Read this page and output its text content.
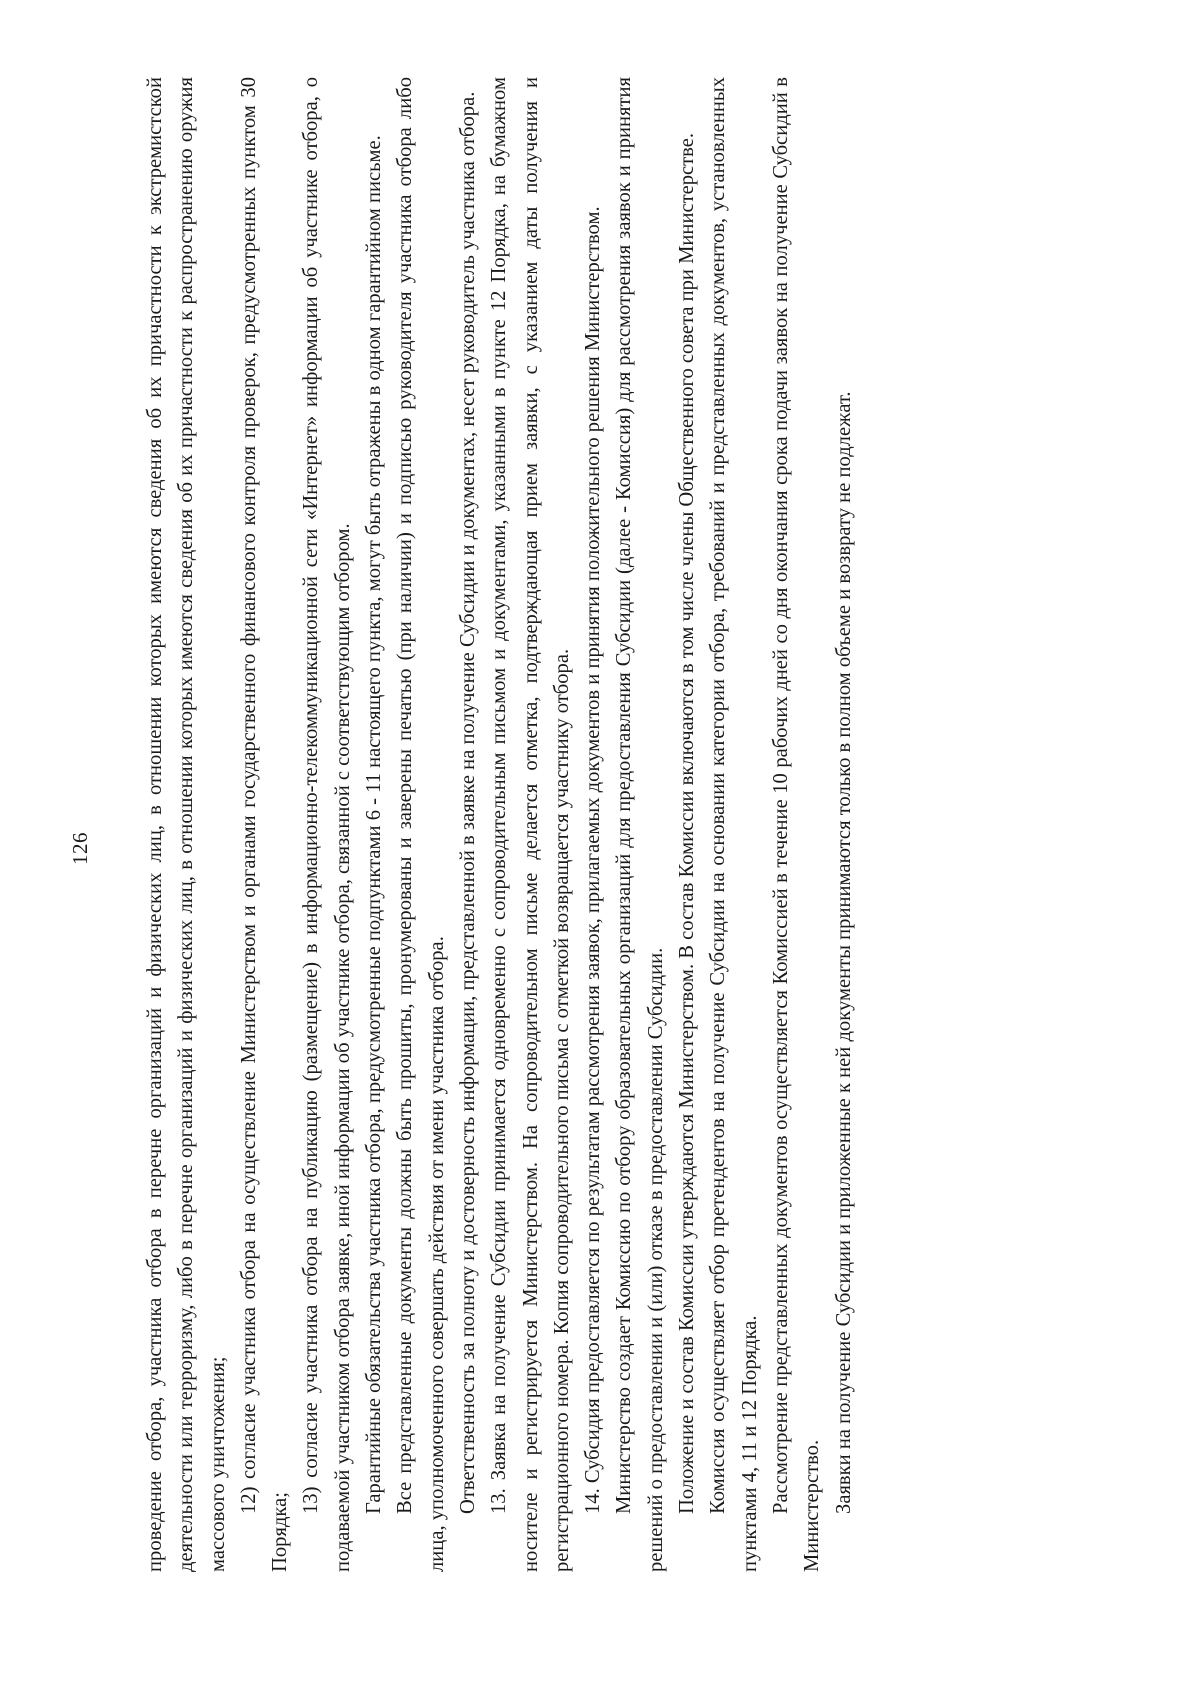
126	проведение отбора, участника отбора в перечне организаций и физических лиц, в отношении которых имеются сведения об их причастности к экстремистской деятельности или терроризму, либо в перечне организаций и физических лиц, в отношении которых имеются сведения об их причастности к распространению оружия массового уничтожения; 12) согласие участника отбора на осуществление Министерством и органами государственного финансового контроля проверок, предусмотренных пунктом 30 Порядка;

13) согласие участника отбора на публикацию (размещение) в информационно-телекоммуникационной сети «Интернет» информации об участнике отбора, о подаваемой участником отбора заявке, иной информации об участнике отбора, связанной с соответствующим отбором. Гарантийные обязательства участника отбора, предусмотренные подпунктами 6 - 11 настоящего пункта, могут быть отражены в одном гарантийном письме. Все представленные документы должны быть прошиты, пронумерованы и заверены печатью (при наличии) и подписью руководителя участника отбора либо лица, уполномоченного совершать действия от имени участника отбора. Ответственность за полноту и достоверность информации, представленной в заявке на получение Субсидии и документах, несет руководитель участника отбора. 13. Заявка на получение Субсидии принимается одновременно с сопроводительным письмом и документами, указанными в пункте 12 Порядка, на бумажном носителе и регистрируется Министерством. На сопроводительном письме делается отметка, подтверждающая прием заявки, с указанием даты получения и регистрационного номера. Копия сопроводительного письма с отметкой возвращается участнику отбора. 14. Субсидия предоставляется по результатам рассмотрения заявок, прилагаемых документов и принятия положительного решения Министерством. Министерство создает Комиссию по отбору образовательных организаций для предоставления Субсидии (далее - Комиссия) для рассмотрения заявок и принятия решений о предоставлении и (или) отказе в предоставлении Субсидии. Положение и состав Комиссии утверждаются Министерством. В состав Комиссии включаются в том числе члены Общественного совета при Министерстве. Комиссия осуществляет отбор претендентов на получение Субсидии на основании категории отбора, требований и представленных документов, установленных пунктами 4, 11 и 12 Порядка. Рассмотрение представленных документов осуществляется Комиссией в течение 10 рабочих дней со дня окончания срока подачи заявок на получение Субсидий в Министерство. Заявки на получение Субсидии и приложенные к ней документы принимаются только в полном объеме и возврату не подлежат.
